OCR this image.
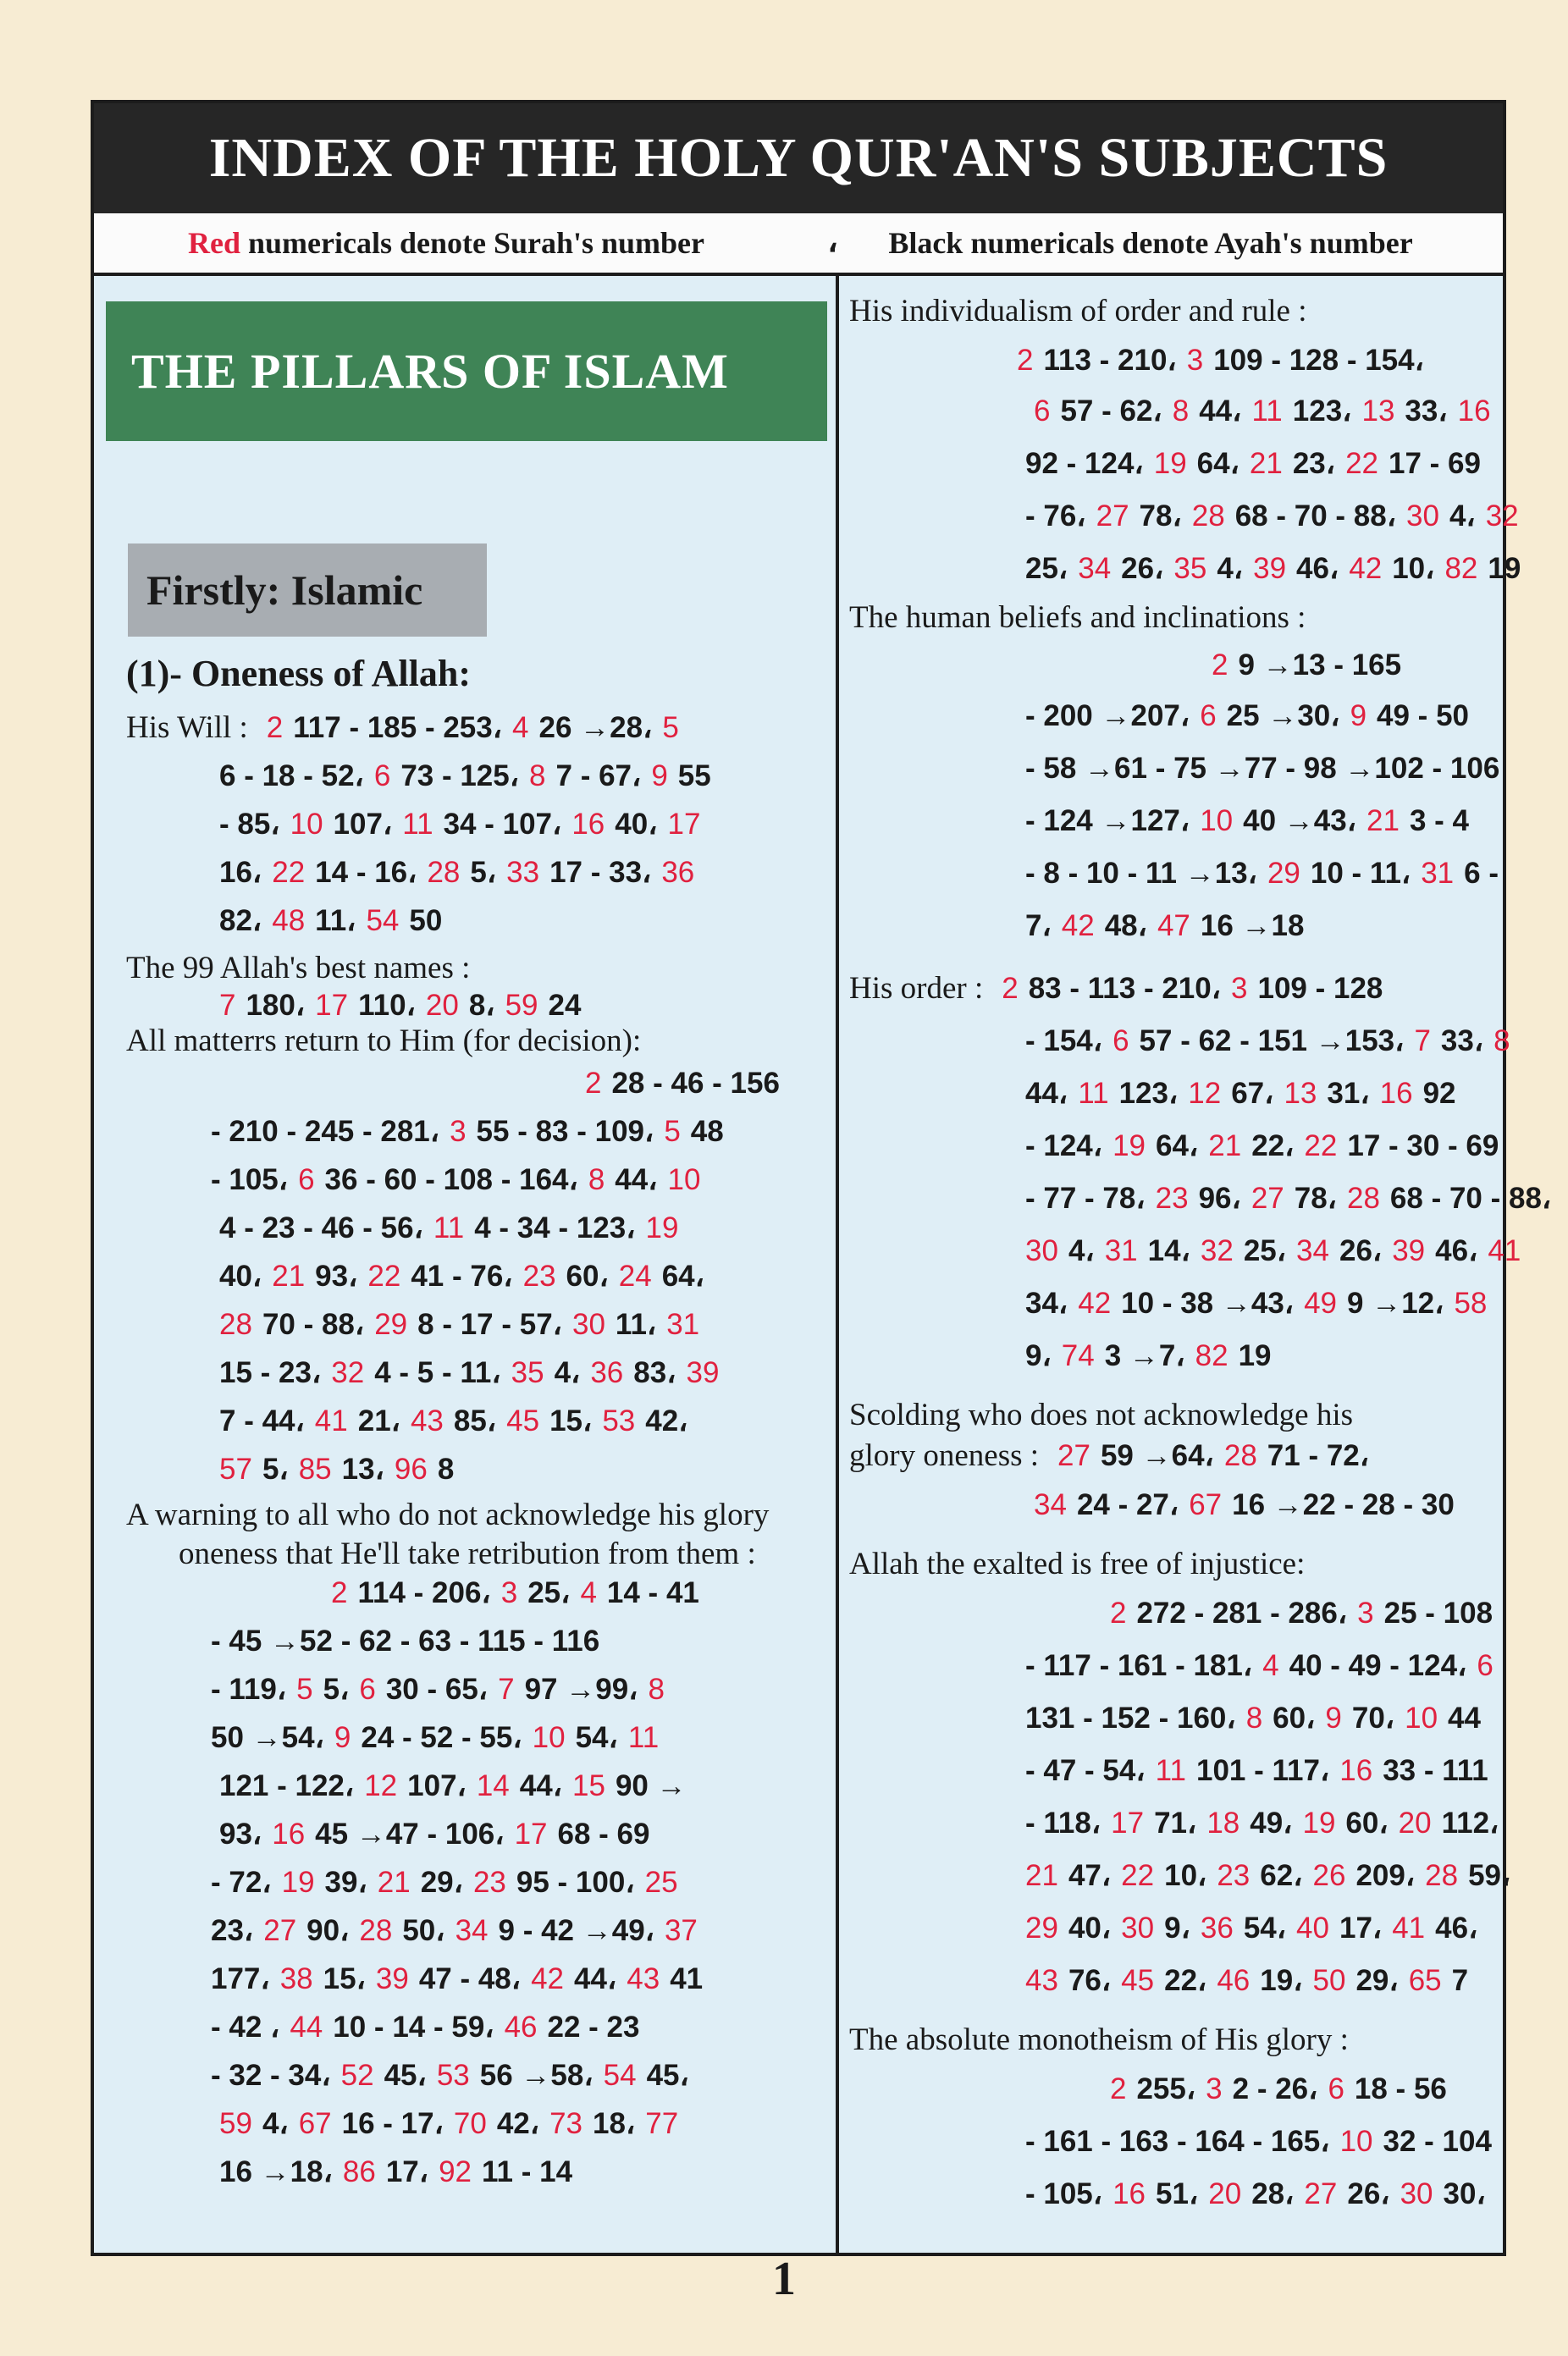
INDEX OF THE HOLY QUR'AN'S SUBJECTS
Red numericals denote Surah's number	،	Black numericals denote Ayah's number
THE PILLARS OF ISLAM
Firstly: Islamic
(1)- Oneness of Allah:
His Will : 2 117 - 185 - 253، 4 26 →28، 5
6 - 18 - 52، 6 73 - 125، 8 7 - 67، 9 55
- 85، 10 107، 11 34 - 107، 16 40، 17
16، 22 14 - 16، 28 5، 33 17 - 33، 36
82، 48 11، 54 50
The 99 Allah's best names :
7 180، 17 110، 20 8، 59 24
All matterrs return to Him (for decision):
2 28 - 46 - 156
- 210 - 245 - 281، 3 55 - 83 - 109، 5 48
- 105، 6 36 - 60 - 108 - 164، 8 44، 10
4 - 23 - 46 - 56، 11 4 - 34 - 123، 19
40، 21 93، 22 41 - 76، 23 60، 24 64،
28 70 - 88، 29 8 - 17 - 57، 30 11، 31
15 - 23، 32 4 - 5 - 11، 35 4، 36 83، 39
7 - 44، 41 21، 43 85، 45 15، 53 42،
57 5، 85 13، 96 8
A warning to all who do not acknowledge his glory
oneness that He'll take retribution from them :
2 114 - 206، 3 25، 4 14 - 41
- 45 →52 - 62 - 63 - 115 - 116
- 119، 5 5، 6 30 - 65، 7 97 →99، 8
50 →54، 9 24 - 52 - 55، 10 54، 11
121 - 122، 12 107، 14 44، 15 90 →
93، 16 45 →47 - 106، 17 68 - 69
- 72، 19 39، 21 29، 23 95 - 100، 25
23، 27 90، 28 50، 34 9 - 42 →49، 37
177، 38 15، 39 47 - 48، 42 44، 43 41
- 42 ، 44 10 - 14 - 59، 46 22 - 23
- 32 - 34، 52 45، 53 56 →58، 54 45،
59 4، 67 16 - 17، 70 42، 73 18، 77
16 →18، 86 17، 92 11 - 14
His individualism of order and rule :
2 113 - 210، 3 109 - 128 - 154،
6 57 - 62، 8 44، 11 123، 13 33، 16
92 - 124، 19 64، 21 23، 22 17 - 69
- 76، 27 78، 28 68 - 70 - 88، 30 4، 32
25، 34 26، 35 4، 39 46، 42 10، 82 19
The human beliefs and inclinations :
2 9 →13 - 165
- 200 →207، 6 25 →30، 9 49 - 50
- 58 →61 - 75 →77 - 98 →102 - 106
- 124 →127، 10 40 →43، 21 3 - 4
- 8 - 10 - 11 →13، 29 10 - 11، 31 6 -
7، 42 48، 47 16 →18
His order : 2 83 - 113 - 210، 3 109 - 128
- 154، 6 57 - 62 - 151 →153، 7 33، 8
44، 11 123، 12 67، 13 31، 16 92
- 124، 19 64، 21 22، 22 17 - 30 - 69
- 77 - 78، 23 96، 27 78، 28 68 - 70 - 88،
30 4، 31 14، 32 25، 34 26، 39 46، 41
34، 42 10 - 38 →43، 49 9 →12، 58
9، 74 3 →7، 82 19
Scolding who does not acknowledge his
glory oneness : 27 59 →64، 28 71 - 72،
34 24 - 27، 67 16 →22 - 28 - 30
Allah the exalted is free of injustice:
2 272 - 281 - 286، 3 25 - 108
- 117 - 161 - 181، 4 40 - 49 - 124، 6
131 - 152 - 160، 8 60، 9 70، 10 44
- 47 - 54، 11 101 - 117، 16 33 - 111
- 118، 17 71، 18 49، 19 60، 20 112،
21 47، 22 10، 23 62، 26 209، 28 59،
29 40، 30 9، 36 54، 40 17، 41 46،
43 76، 45 22، 46 19، 50 29، 65 7
The absolute monotheism of His glory :
2 255، 3 2 - 26، 6 18 - 56
- 161 - 163 - 164 - 165، 10 32 - 104
- 105، 16 51، 20 28، 27 26، 30 30،
1
